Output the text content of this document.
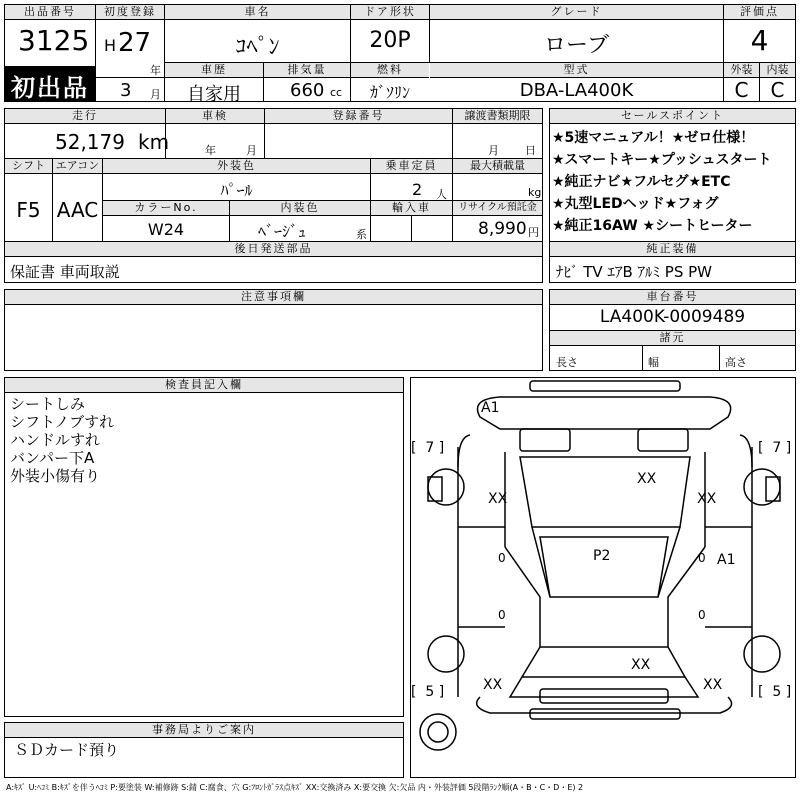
出品番号
3125
初出品
初度登録
H 27
年
3 月
車名
ｺﾍﾟﾝ
ドア形状
20P
グレード
ローブ
評価点
4
車歴	排気量	燃料	型式
自家用	660 cc	ｶﾞｿﾘﾝ	DBA-LA400K
外装	内装
C	C
走行
52,179 km
車検
年	月
登録番号	譲渡書類期限
月 日
シフト エアコン
F5 AAC
外装色
ﾊﾟｰﾙ
乗車定員
2 人
最大積載量
kg
カラーNo.
W24
内装色
ﾍﾞｰｼﾞｭ	系
輸入車	リサイクル預託金
8,990 円
後日発送部品
保証書 車両取説
セールスポイント
★5速マニュアル！★ゼロ仕様！
★スマートキー★プッシュスタート
★純正ナビ★フルセグ★ETC
★丸型LEDヘッド★フォグ
★純正16AW ★シートヒーター
純正装備
ﾅﾋﾞ TV ｴｱB ｱﾙﾐ PS PW
注意事項欄	車台番号
LA400K-0009489
諸元
長さ	幅	高さ
検査員記入欄
シートしみ
シフトノブすれ
ハンドルすれ
バンパー下A
外装小傷有り
事務局よりご案内
ＳＤカード預り
A1
XX
XX	XX
P2
0	0 A1
0	0
XX
XX	XX
[  7 ]	[  7 ]
[  5 ]	[  5 ]
A:ｷｽﾞ U:ﾍｺﾐ B:ｷｽﾞを伴うﾍｺﾐ P:要塗装 W:補修跡 S:錆 C:腐食、穴 G:ﾌﾛﾝﾄｶﾞﾗｽ点ｷｽﾞ XX:交換済み X:要交換 欠:欠品 内・外装評価 5段階ﾗﾝｸ順(A・B・C・D・E) 2
